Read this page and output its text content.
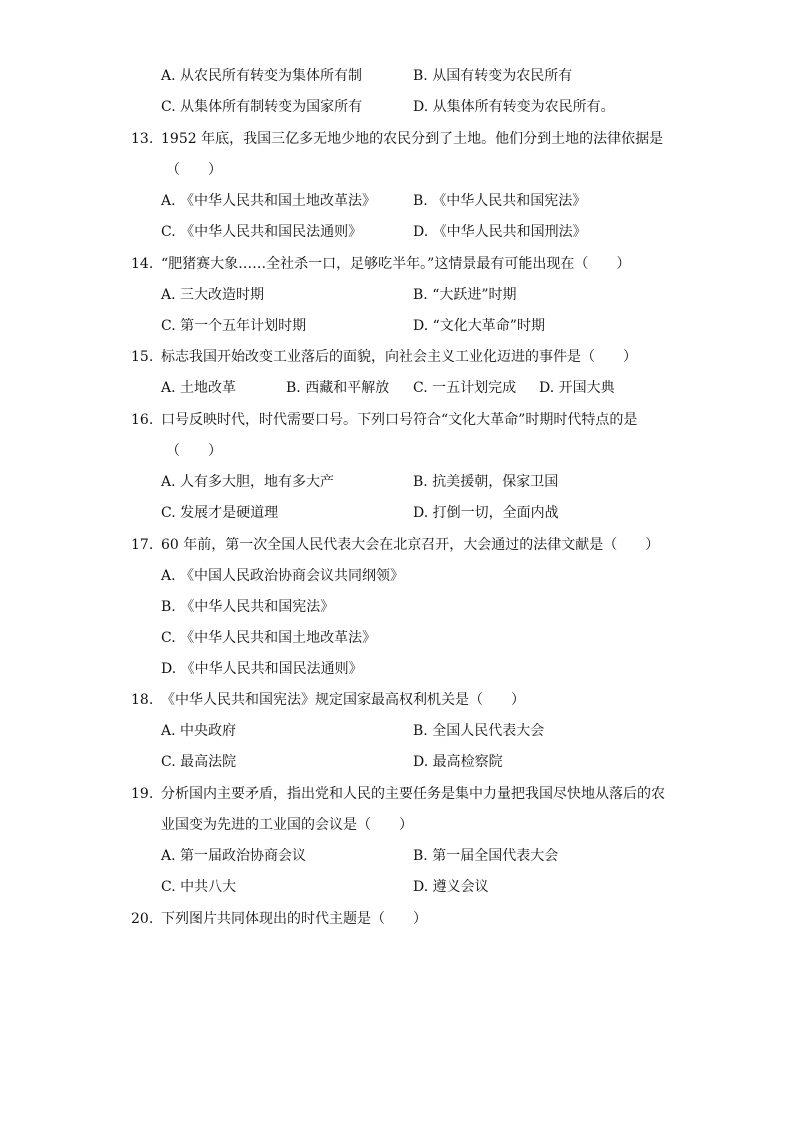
A. 从农民所有转变为集体所有制	B. 从国有转变为农民所有
C. 从集体所有制转变为国家所有	D. 从集体所有转变为农民所有。
13. 1952 年底，我国三亿多无地少地的农民分到了土地。他们分到土地的法律依据是
（　　）
A. 《中华人民共和国土地改革法》	B. 《中华人民共和国宪法》
C. 《中华人民共和国民法通则》	D. 《中华人民共和国刑法》
14. “肥猪赛大象……全社杀一口，足够吃半年。”这情景最有可能出现在（　　）
A. 三大改造时期	B. “大跃进”时期
C. 第一个五年计划时期	D. “文化大革命”时期
15. 标志我国开始改变工业落后的面貌，向社会主义工业化迈进的事件是（　　）
A. 土地改革	B. 西藏和平解放 C. 一五计划完成 D. 开国大典
16. 口号反映时代，时代需要口号。下列口号符合“文化大革命”时期时代特点的是
（　　）
A. 人有多大胆，地有多大产	B. 抗美援朝，保家卫国
C. 发展才是硬道理	D. 打倒一切，全面内战
17. 60 年前，第一次全国人民代表大会在北京召开，大会通过的法律文献是（　　）
A. 《中国人民政治协商会议共同纲领》
B. 《中华人民共和国宪法》
C. 《中华人民共和国土地改革法》
D. 《中华人民共和国民法通则》
18. 《中华人民共和国宪法》规定国家最高权利机关是（　　）
A. 中央政府	B. 全国人民代表大会
C. 最高法院	D. 最高检察院
19. 分析国内主要矛盾，指出党和人民的主要任务是集中力量把我国尽快地从落后的农
业国变为先进的工业国的会议是（　　）
A. 第一届政治协商会议	B. 第一届全国代表大会
C. 中共八大	D. 遵义会议
20. 下列图片共同体现出的时代主题是（　　）
